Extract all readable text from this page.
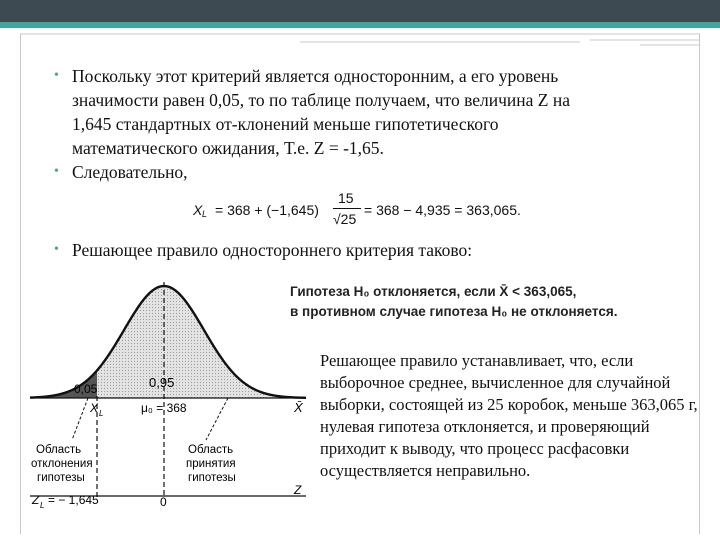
• Поскольку этот критерий является односторонним, а его уровень
значимости равен 0,05, то по таблице получаем, что величина Z на
1,645 стандартных от-клонений меньше гипотетического
математического ожидания, Т.е. Z = -1,65.
• Следовательно,
X L = 368 + (−1,645)
15
√25
= 368 − 4,935 = 363,065.
• Решающее правило одностороннего критерия таково:
Гипотеза H₀ отклоняется, если X̄ < 363,065,
в противном случае гипотеза H₀ не отклоняется.
0,05	0,95
X L	μ₀ = 368	X̄
Область
отклонения
гипотезы
Область
принятия
гипотезы
Z L = − 1,645	0
Z
Решающее правило устанавливает, что, если выборочное среднее, вычисленное для случайной выборки, состоящей из 25 коробок, меньше 363,065 г, нулевая гипотеза отклоняется, и проверяющий приходит к выводу, что процесс расфасовки осуществляется неправильно.
